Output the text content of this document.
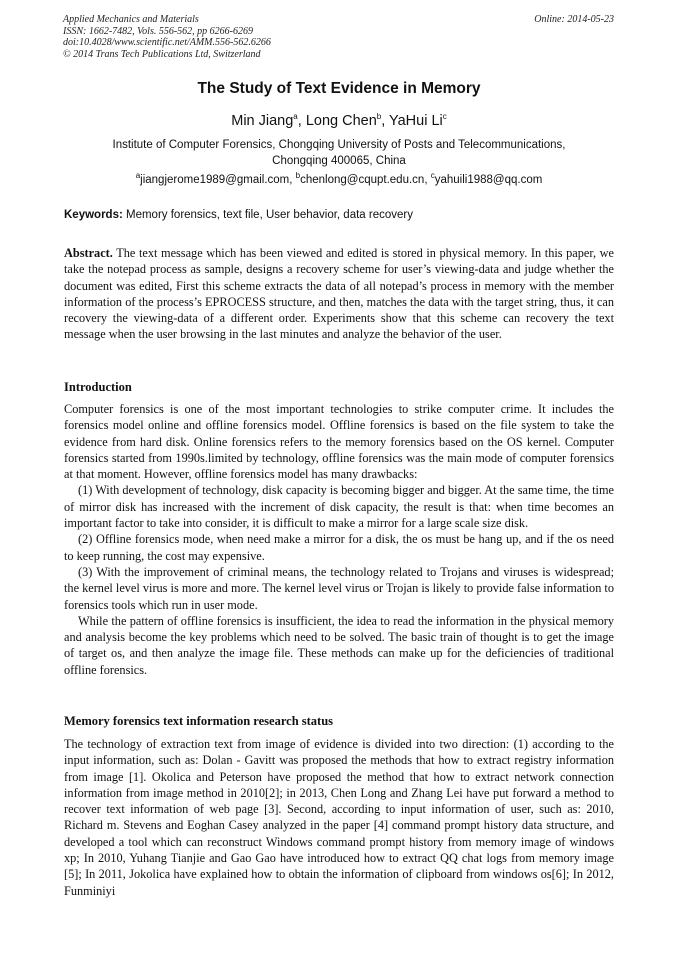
Applied Mechanics and Materials
ISSN: 1662-7482, Vols. 556-562, pp 6266-6269
doi:10.4028/www.scientific.net/AMM.556-562.6266
© 2014 Trans Tech Publications Ltd, Switzerland
Online: 2014-05-23
The Study of Text Evidence in Memory
Min Jiang$^a$, Long Chen$^b$, YaHui Li$^c$
Institute of Computer Forensics, Chongqing University of Posts and Telecommunications,
Chongqing 400065, China
$^a$jiangjerome1989@gmail.com, $^b$chenlong@cqupt.edu.cn, $^c$yahuili1988@qq.com
Keywords: Memory forensics, text file, User behavior, data recovery

Abstract. The text message which has been viewed and edited is stored in physical memory. In this paper, we take the notepad process as sample, designs a recovery scheme for user’s viewing-data and judge whether the document was edited, First this scheme extracts the data of all notepad’s process in memory with the member information of the process’s EPROCESS structure, and then, matches the data with the target string, thus, it can recovery the viewing-data of a different order. Experiments show that this scheme can recovery the text message when the user browsing in the last minutes and analyze the behavior of the user.

Introduction

Computer forensics is one of the most important technologies to strike computer crime. It includes the forensics model online and offline forensics model. Offline forensics is based on the file system to take the evidence from hard disk. Online forensics refers to the memory forensics based on the OS kernel. Computer forensics started from 1990s.limited by technology, offline forensics was the main mode of computer forensics at that moment. However, offline forensics model has many drawbacks:

(1) With development of technology, disk capacity is becoming bigger and bigger. At the same time, the time of mirror disk has increased with the increment of disk capacity, the result is that: when time becomes an important factor to take into consider, it is difficult to make a mirror for a large scale size disk.

(2) Offline forensics mode, when need make a mirror for a disk, the os must be hang up, and if the os need to keep running, the cost may expensive.

(3) With the improvement of criminal means, the technology related to Trojans and viruses is widespread; the kernel level virus is more and more. The kernel level virus or Trojan is likely to provide false information to forensics tools which run in user mode.

While the pattern of offline forensics is insufficient, the idea to read the information in the physical memory and analysis become the key problems which need to be solved. The basic train of thought is to get the image of target os, and then analyze the image file. These methods can make up for the deficiencies of traditional offline forensics.

Memory forensics text information research status

The technology of extraction text from image of evidence is divided into two direction: (1) according to the input information, such as: Dolan - Gavitt was proposed the methods that how to extract registry information from image [1]. Okolica and Peterson have proposed the method that how to extract network connection information from image method in 2010[2]; in 2013, Chen Long and Zhang Lei have put forward a method to recover text information of web page [3]. Second, according to input information of user, such as: 2010, Richard m. Stevens and Eoghan Casey analyzed in the paper [4] command prompt history data structure, and developed a tool which can reconstruct Windows command prompt history from memory image of windows xp; In 2010, Yuhang Tianjie and Gao Gao have introduced how to extract QQ chat logs from memory image [5]; In 2011, Jokolica have explained how to obtain the information of clipboard from windows os[6]; In 2012, Funminiyi
